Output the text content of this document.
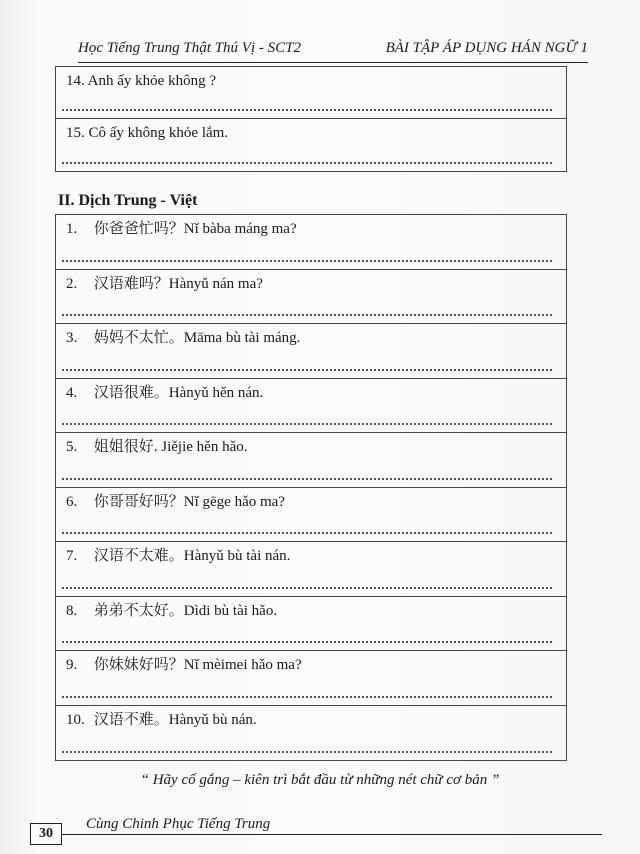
Học Tiếng Trung Thật Thú Vị - SCT2	BÀI TẬP ÁP DỤNG HÁN NGỮ 1
14. Anh ấy khỏe không ?
15. Cô ấy không khỏe lắm.
II. Dịch Trung - Việt
1. 你爸爸忙吗？Nǐ bàba máng ma?
2. 汉语难吗？Hànyǔ nán ma?
3. 妈妈不太忙。Māma bù tài máng.
4. 汉语很难。Hànyǔ hěn nán.
5. 姐姐很好. Jiějie hěn hǎo.
6. 你哥哥好吗？Nǐ gēge hǎo ma?
7. 汉语不太难。Hànyǔ bù tài nán.
8. 弟弟不太好。Dìdi bù tài hǎo.
9. 你妹妹好吗？Nǐ mèimei hǎo ma?
10. 汉语不难。Hànyǔ bù nán.
“ Hãy cố gắng – kiên trì bắt đầu từ những nét chữ cơ bản ”
30
Cùng Chinh Phục Tiếng Trung
